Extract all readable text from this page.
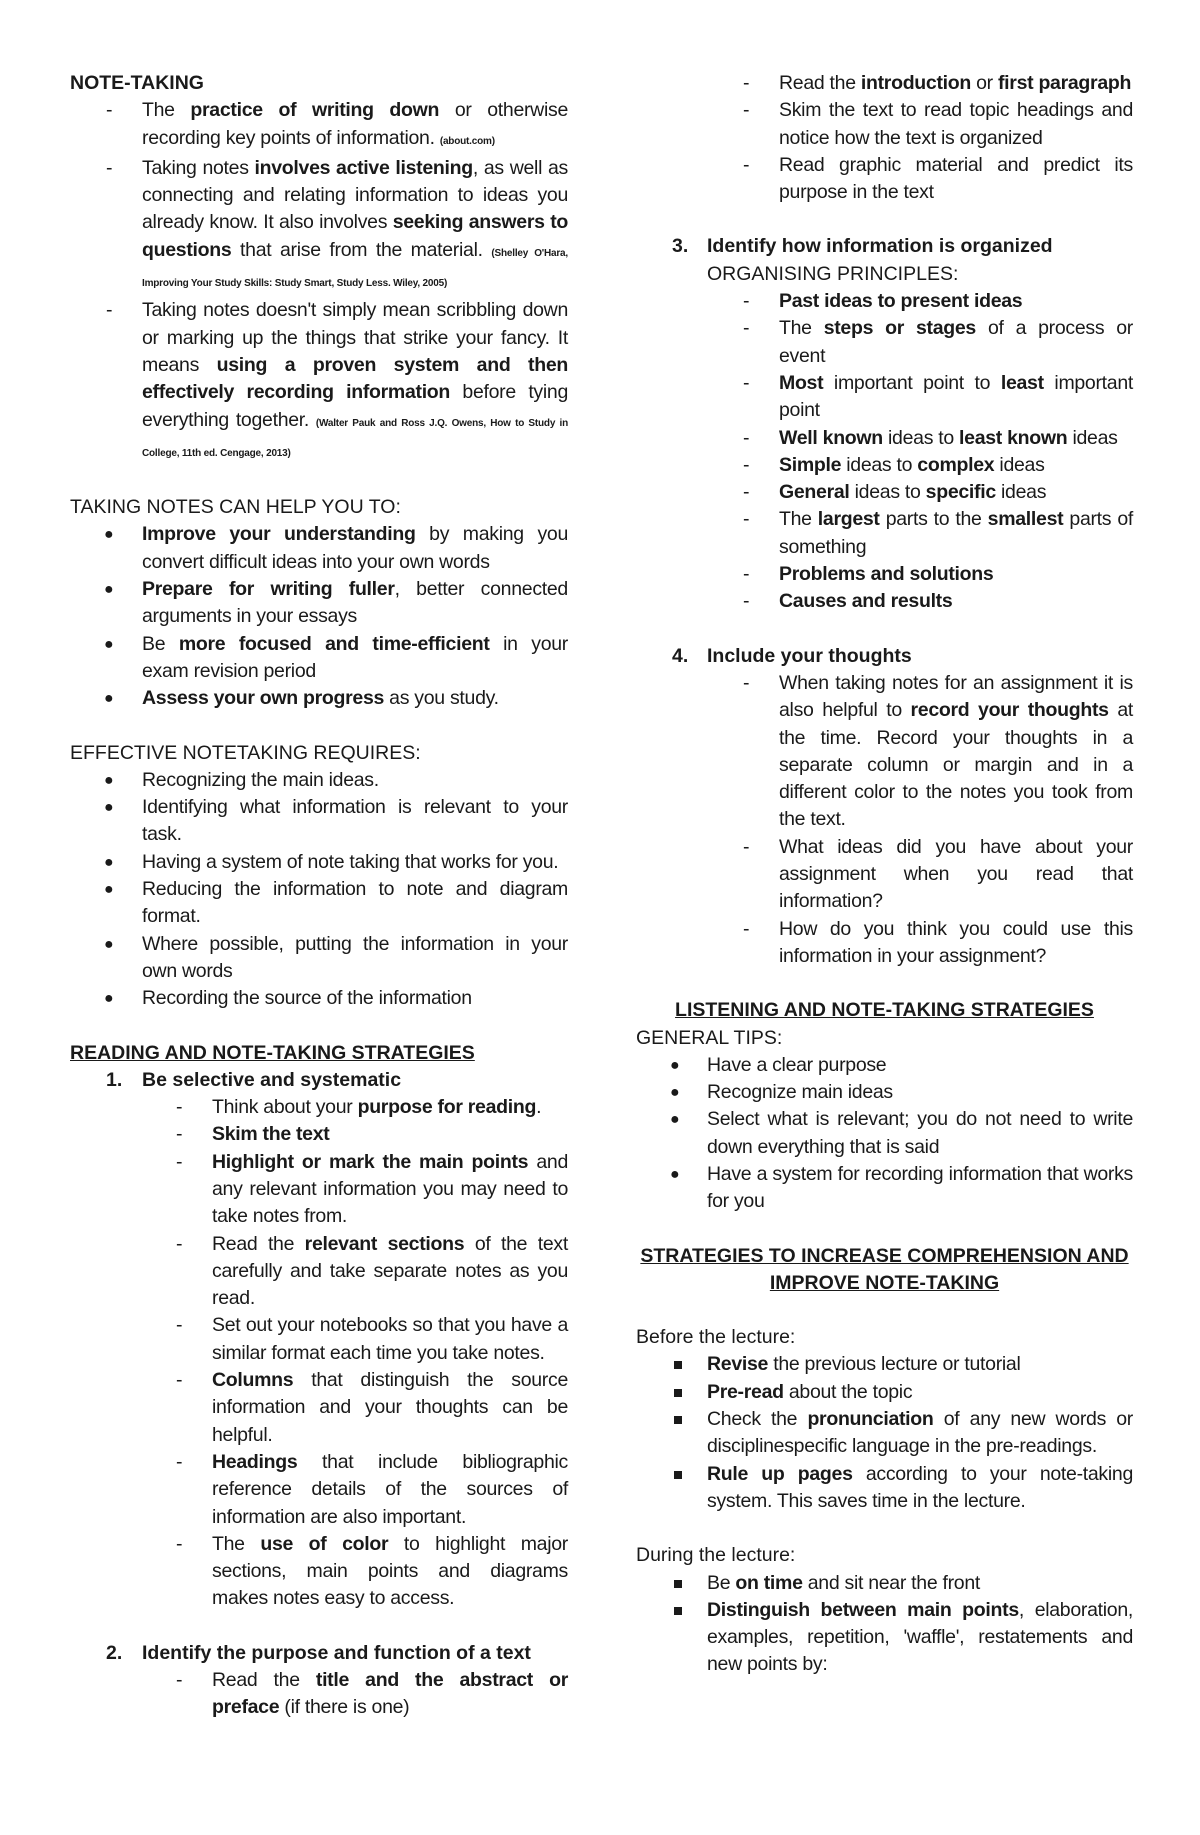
NOTE-TAKING

- The practice of writing down or otherwise recording key points of information. (about.com)
- Taking notes involves active listening, as well as connecting and relating information to ideas you already know. It also involves seeking answers to questions that arise from the material. (Shelley O'Hara, Improving Your Study Skills: Study Smart, Study Less. Wiley, 2005)
- Taking notes doesn't simply mean scribbling down or marking up the things that strike your fancy. It means using a proven system and then effectively recording information before tying everything together. (Walter Pauk and Ross J.Q. Owens, How to Study in College, 11th ed. Cengage, 2013)

TAKING NOTES CAN HELP YOU TO:

● Improve your understanding by making you convert difficult ideas into your own words
● Prepare for writing fuller, better connected arguments in your essays
● Be more focused and time-efficient in your exam revision period
● Assess your own progress as you study.

EFFECTIVE NOTETAKING REQUIRES:

● Recognizing the main ideas.
● Identifying what information is relevant to your task.
● Having a system of note taking that works for you.
● Reducing the information to note and diagram format.
● Where possible, putting the information in your own words
● Recording the source of the information

READING AND NOTE-TAKING STRATEGIES

1. Be selective and systematic
- Think about your purpose for reading.
- Skim the text
- Highlight or mark the main points and any relevant information you may need to take notes from.
- Read the relevant sections of the text carefully and take separate notes as you read.
- Set out your notebooks so that you have a similar format each time you take notes.
- Columns that distinguish the source information and your thoughts can be helpful.
- Headings that include bibliographic reference details of the sources of information are also important.
- The use of color to highlight major sections, main points and diagrams makes notes easy to access.
2. Identify the purpose and function of a text
- Read the title and the abstract or preface (if there is one)
- Read the introduction or first paragraph
- Skim the text to read topic headings and notice how the text is organized
- Read graphic material and predict its purpose in the text
3. Identify how information is organized

ORGANISING PRINCIPLES:

- Past ideas to present ideas
- The steps or stages of a process or event
- Most important point to least important point
- Well known ideas to least known ideas
- Simple ideas to complex ideas
- General ideas to specific ideas
- The largest parts to the smallest parts of something
- Problems and solutions
- Causes and results
4. Include your thoughts
- When taking notes for an assignment it is also helpful to record your thoughts at the time. Record your thoughts in a separate column or margin and in a different color to the notes you took from the text.
- What ideas did you have about your assignment when you read that information?
- How do you think you could use this information in your assignment?

LISTENING AND NOTE-TAKING STRATEGIES

GENERAL TIPS:

● Have a clear purpose
● Recognize main ideas
● Select what is relevant; you do not need to write down everything that is said
● Have a system for recording information that works for you

STRATEGIES TO INCREASE COMPREHENSION AND

IMPROVE NOTE-TAKING

Before the lecture:

Revise the previous lecture or tutorial
Pre-read about the topic
Check the pronunciation of any new words or disciplinespecific language in the pre-readings.
Rule up pages according to your note-taking system. This saves time in the lecture.

During the lecture:

Be on time and sit near the front
Distinguish between main points, elaboration, examples, repetition, 'waffle', restatements and new points by:
